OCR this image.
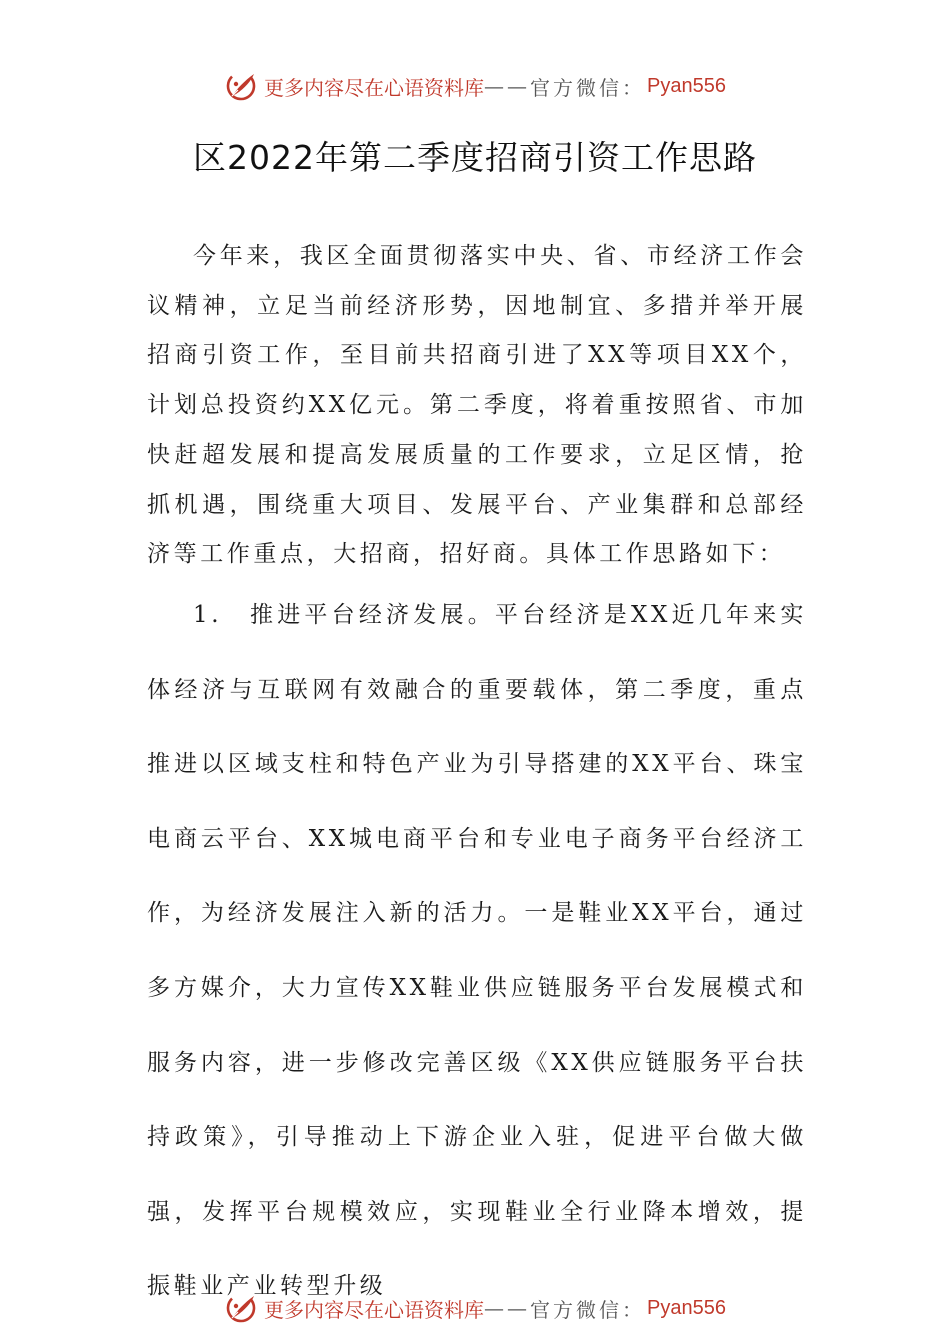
更多内容尽在心语资料库 —— 官方微信： Pyan556
区2022年第二季度招商引资工作思路

今年来，我区全面贯彻落实中央、省、市经济工作会议精神，立足当前经济形势，因地制宜、多措并举开展招商引资工作，至目前共招商引进了XX等项目XX个，计划总投资约XX亿元。第二季度，将着重按照省、市加快赶超发展和提高发展质量的工作要求，立足区情，抢抓机遇，围绕重大项目、发展平台、产业集群和总部经济等工作重点，大招商，招好商。具体工作思路如下：

1.　推进平台经济发展。平台经济是XX近几年来实体经济与互联网有效融合的重要载体，第二季度，重点推进以区域支柱和特色产业为引导搭建的XX平台、珠宝电商云平台、XX城电商平台和专业电子商务平台经济工作，为经济发展注入新的活力。一是鞋业XX平台，通过多方媒介，大力宣传XX鞋业供应链服务平台发展模式和服务内容，进一步修改完善区级《XX供应链服务平台扶持政策》，引导推动上下游企业入驻，促进平台做大做强，发挥平台规模效应，实现鞋业全行业降本增效，提振鞋业产业转型升级

更多内容尽在心语资料库 —— 官方微信： Pyan556
